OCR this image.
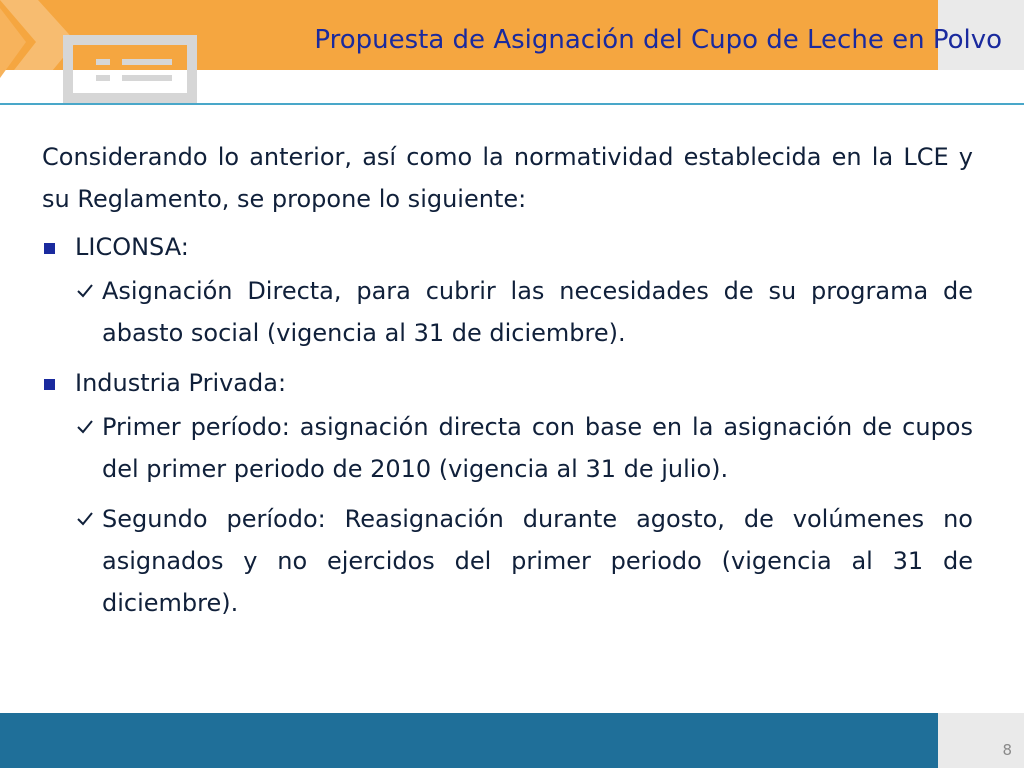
Propuesta de Asignación del Cupo de Leche en Polvo

Considerando lo anterior, así como la normatividad establecida en la LCE y su Reglamento, se propone lo siguiente:

LICONSA:
Asignación Directa, para cubrir las necesidades de su programa de abasto social (vigencia al 31 de diciembre).
Industria Privada:
Primer período: asignación directa con base en la asignación de cupos del primer periodo de 2010 (vigencia al 31 de julio).
Segundo período: Reasignación durante agosto, de volúmenes no asignados y no ejercidos del primer periodo (vigencia al 31 de diciembre).
8
